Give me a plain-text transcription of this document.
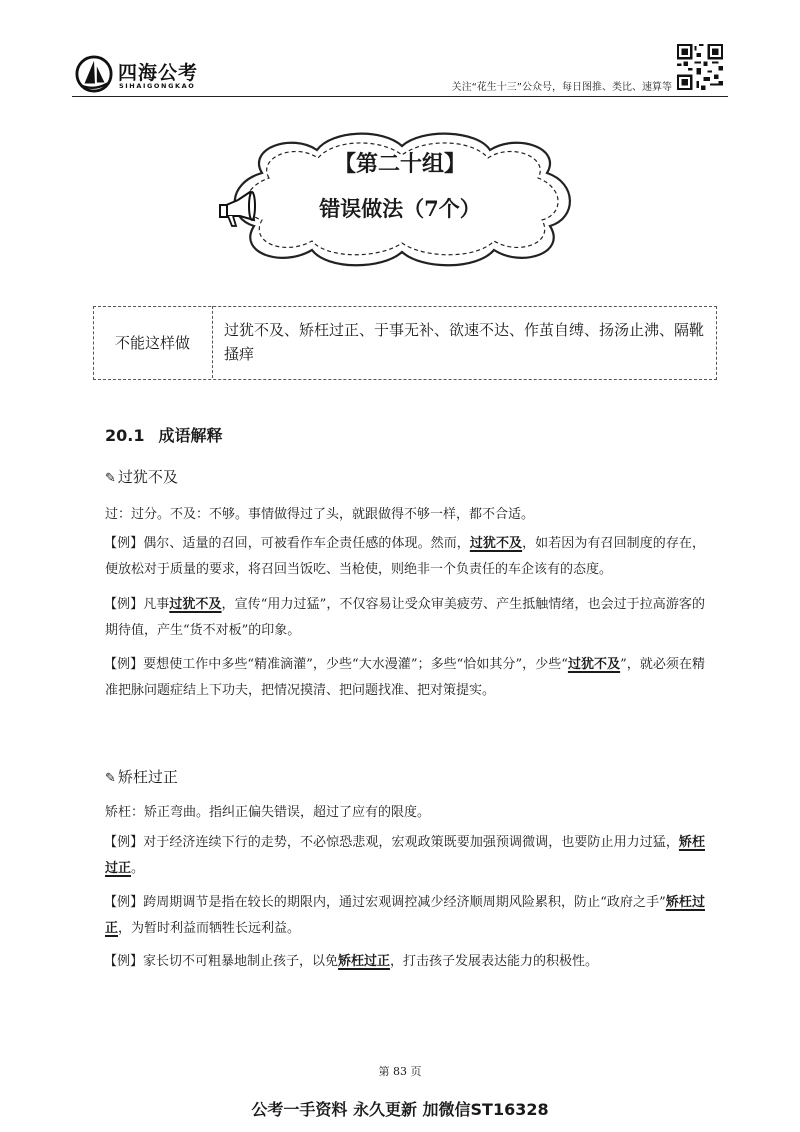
四海公考
SIHAIGONGKAO	关注“花生十三”公众号，每日图推、类比、速算等
【第二十组】
错误做法（7个）
不能这样做
过犹不及、矫枉过正、于事无补、欲速不达、作茧自缚、扬汤止沸、隔靴搔痒
20.1 成语解释
✎ 过犹不及
过：过分。不及：不够。事情做得过了头，就跟做得不够一样，都不合适。
【例】偶尔、适量的召回，可被看作车企责任感的体现。然而，过犹不及，如若因为有召回制度的存在，便放松对于质量的要求，将召回当饭吃、当枪使，则绝非一个负责任的车企该有的态度。
【例】凡事过犹不及，宣传“用力过猛”，不仅容易让受众审美疲劳、产生抵触情绪，也会过于拉高游客的期待值，产生“货不对板”的印象。
【例】要想使工作中多些“精准滴灌”，少些“大水漫灌”；多些“恰如其分”，少些“过犹不及”，就必须在精准把脉问题症结上下功夫，把情况摸清、把问题找准、把对策提实。
✎ 矫枉过正
矫枉：矫正弯曲。指纠正偏失错误，超过了应有的限度。
【例】对于经济连续下行的走势，不必惊恐悲观，宏观政策既要加强预调微调，也要防止用力过猛，矫枉过正。
【例】跨周期调节是指在较长的期限内，通过宏观调控减少经济顺周期风险累积，防止“政府之手”矫枉过正，为暂时利益而牺牲长远利益。
【例】家长切不可粗暴地制止孩子，以免矫枉过正，打击孩子发展表达能力的积极性。
第 83 页
公考一手资料 永久更新 加微信ST16328
